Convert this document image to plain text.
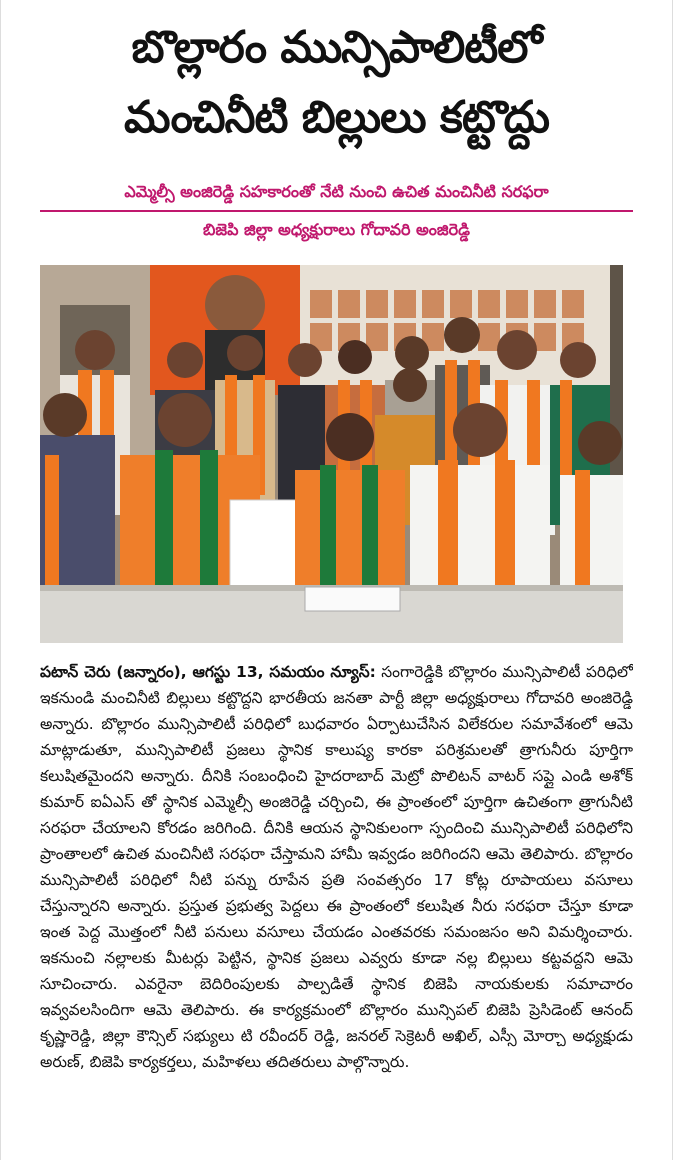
బొల్లారం మున్సిపాలిటీలో
మంచినీటి బిల్లులు కట్టొద్దు
ఎమ్మెల్సీ అంజిరెడ్డి సహకారంతో నేటి నుంచి ఉచిత మంచినీటి సరఫరా
బిజెపి జిల్లా అధ్యక్షురాలు గోదావరి అంజిరెడ్డి

పటాన్ చెరు (జన్నారం), ఆగస్టు 13, సమయం న్యూస్: సంగారెడ్డికి బొల్లారం మున్సిపాలిటీ పరిధిలో ఇకనుండి మంచినీటి బిల్లులు కట్టొద్దని భారతీయ జనతా పార్టీ జిల్లా అధ్యక్షురాలు గోదావరి అంజిరెడ్డి అన్నారు. బొల్లారం మున్సిపాలిటీ పరిధిలో బుధవారం ఏర్పాటుచేసిన విలేకరుల సమావేశంలో ఆమె మాట్లాడుతూ, మున్సిపాలిటీ ప్రజలు స్థానిక కాలుష్య కారకా పరిశ్రమలతో త్రాగునీరు పూర్తిగా కలుషితమైందని అన్నారు. దీనికి సంబంధించి హైదరాబాద్ మెట్రో పొలిటన్ వాటర్ సప్లై ఎండి అశోక్ కుమార్ ఐఏఎస్ తో స్థానిక ఎమ్మెల్సీ అంజిరెడ్డి చర్చించి, ఈ ప్రాంతంలో పూర్తిగా ఉచితంగా త్రాగునీటి సరఫరా చేయాలని కోరడం జరిగింది. దీనికి ఆయన స్థానికులంగా స్పందించి మున్సిపాలిటీ పరిధిలోని ప్రాంతాలలో ఉచిత మంచినీటి సరఫరా చేస్తామని హామీ ఇవ్వడం జరిగిందని ఆమె తెలిపారు. బొల్లారం మున్సిపాలిటీ పరిధిలో నీటి పన్ను రూపేన ప్రతి సంవత్సరం 17 కోట్ల రూపాయలు వసూలు చేస్తున్నారని అన్నారు. ప్రస్తుత ప్రభుత్వ పెద్దలు ఈ ప్రాంతంలో కలుషిత నీరు సరఫరా చేస్తూ కూడా ఇంత పెద్ద మొత్తంలో నీటి పనులు వసూలు చేయడం ఎంతవరకు సమంజసం అని విమర్శించారు. ఇకనుంచి నల్లాలకు మీటర్లు పెట్టిన, స్థానిక ప్రజలు ఎవ్వరు కూడా నల్ల బిల్లులు కట్టవద్దని ఆమె సూచించారు. ఎవరైనా బెదిరింపులకు పాల్పడితే స్థానిక బిజెపి నాయకులకు సమాచారం ఇవ్వవలసిందిగా ఆమె తెలిపారు. ఈ కార్యక్రమంలో బొల్లారం మున్సిపల్ బిజెపి ప్రెసిడెంట్ ఆనంద్ కృష్ణారెడ్డి, జిల్లా కౌన్సిల్ సభ్యులు టి రవీందర్ రెడ్డి, జనరల్ సెక్రెటరీ అఖిల్, ఎస్సీ మోర్చా అధ్యక్షుడు అరుణ్, బిజెపి కార్యకర్తలు, మహిళలు తదితరులు పాల్గొన్నారు.
